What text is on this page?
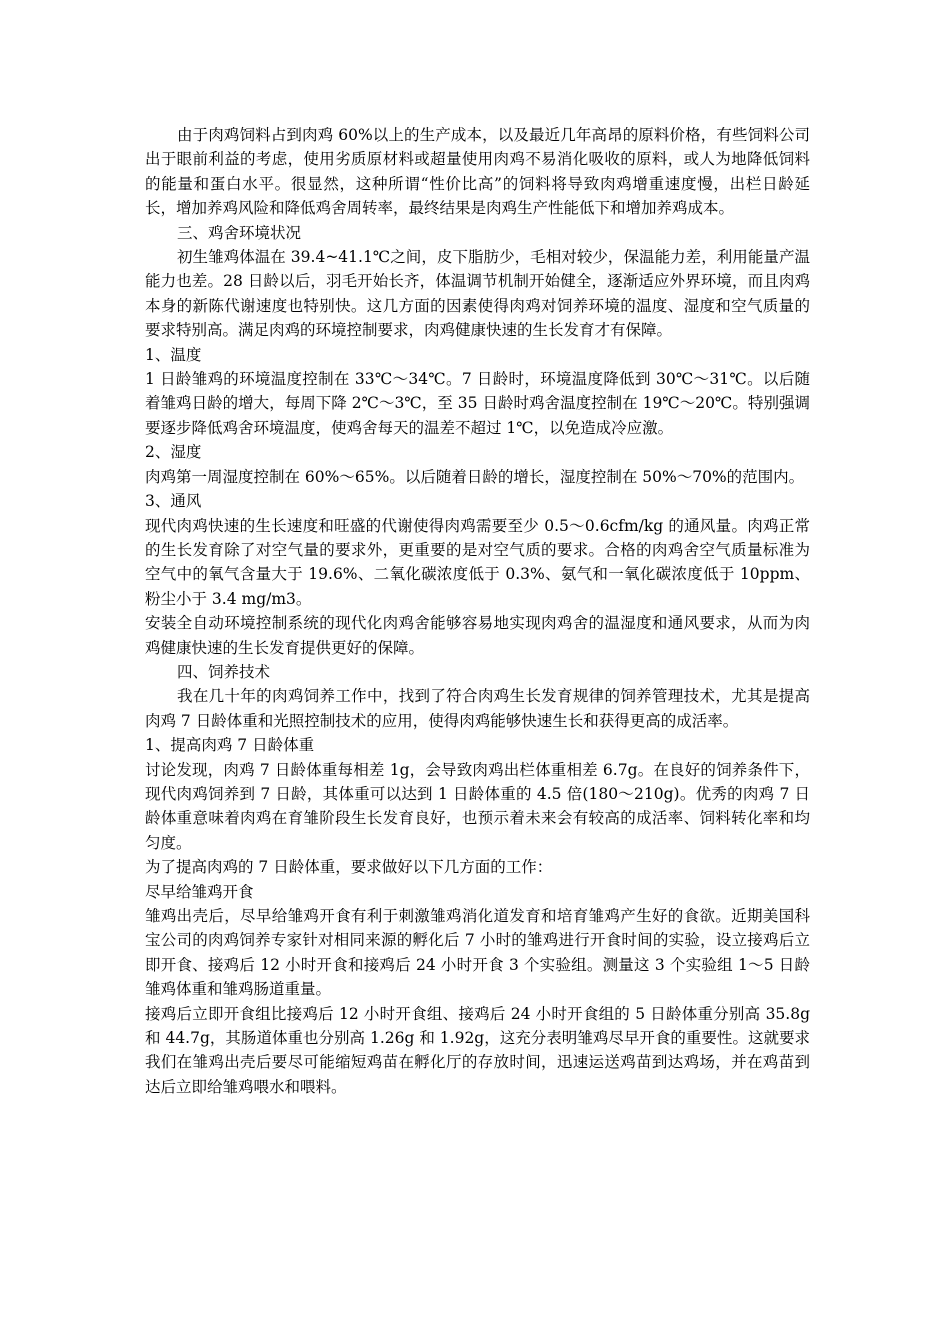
由于肉鸡饲料占到肉鸡 60%以上的生产成本，以及最近几年高昂的原料价格，有些饲料公司出于眼前利益的考虑，使用劣质原材料或超量使用肉鸡不易消化吸收的原料，或人为地降低饲料的能量和蛋白水平。很显然，这种所谓“性价比高”的饲料将导致肉鸡增重速度慢，出栏日龄延长，增加养鸡风险和降低鸡舍周转率，最终结果是肉鸡生产性能低下和增加养鸡成本。

三、鸡舍环境状况

初生雏鸡体温在 39.4~41.1℃之间，皮下脂肪少，毛相对较少，保温能力差，利用能量产温能力也差。28 日龄以后，羽毛开始长齐，体温调节机制开始健全，逐渐适应外界环境，而且肉鸡本身的新陈代谢速度也特别快。这几方面的因素使得肉鸡对饲养环境的温度、湿度和空气质量的要求特别高。满足肉鸡的环境控制要求，肉鸡健康快速的生长发育才有保障。

1、温度

1 日龄雏鸡的环境温度控制在 33℃～34℃。7 日龄时，环境温度降低到 30℃～31℃。以后随着雏鸡日龄的增大，每周下降 2℃～3℃，至 35 日龄时鸡舍温度控制在 19℃～20℃。特别强调要逐步降低鸡舍环境温度，使鸡舍每天的温差不超过 1℃，以免造成冷应激。

2、湿度

肉鸡第一周湿度控制在 60%～65%。以后随着日龄的增长，湿度控制在 50%～70%的范围内。

3、通风

现代肉鸡快速的生长速度和旺盛的代谢使得肉鸡需要至少 0.5～0.6cfm/kg 的通风量。肉鸡正常的生长发育除了对空气量的要求外，更重要的是对空气质的要求。合格的肉鸡舍空气质量标准为空气中的氧气含量大于 19.6%、二氧化碳浓度低于 0.3%、氨气和一氧化碳浓度低于 10ppm、粉尘小于 3.4 mg/m3。

安装全自动环境控制系统的现代化肉鸡舍能够容易地实现肉鸡舍的温湿度和通风要求，从而为肉鸡健康快速的生长发育提供更好的保障。

四、饲养技术

我在几十年的肉鸡饲养工作中，找到了符合肉鸡生长发育规律的饲养管理技术，尤其是提高肉鸡 7 日龄体重和光照控制技术的应用，使得肉鸡能够快速生长和获得更高的成活率。

1、提高肉鸡 7 日龄体重

讨论发现，肉鸡 7 日龄体重每相差 1g，会导致肉鸡出栏体重相差 6.7g。在良好的饲养条件下，现代肉鸡饲养到 7 日龄，其体重可以达到 1 日龄体重的 4.5 倍(180～210g)。优秀的肉鸡 7 日龄体重意味着肉鸡在育雏阶段生长发育良好，也预示着未来会有较高的成活率、饲料转化率和均匀度。

为了提高肉鸡的 7 日龄体重，要求做好以下几方面的工作：

尽早给雏鸡开食

雏鸡出壳后，尽早给雏鸡开食有利于刺激雏鸡消化道发育和培育雏鸡产生好的食欲。近期美国科宝公司的肉鸡饲养专家针对相同来源的孵化后 7 小时的雏鸡进行开食时间的实验，设立接鸡后立即开食、接鸡后 12 小时开食和接鸡后 24 小时开食 3 个实验组。测量这 3 个实验组 1～5 日龄雏鸡体重和雏鸡肠道重量。

接鸡后立即开食组比接鸡后 12 小时开食组、接鸡后 24 小时开食组的 5 日龄体重分别高 35.8g 和 44.7g，其肠道体重也分别高 1.26g 和 1.92g，这充分表明雏鸡尽早开食的重要性。这就要求我们在雏鸡出壳后要尽可能缩短鸡苗在孵化厅的存放时间，迅速运送鸡苗到达鸡场，并在鸡苗到达后立即给雏鸡喂水和喂料。
